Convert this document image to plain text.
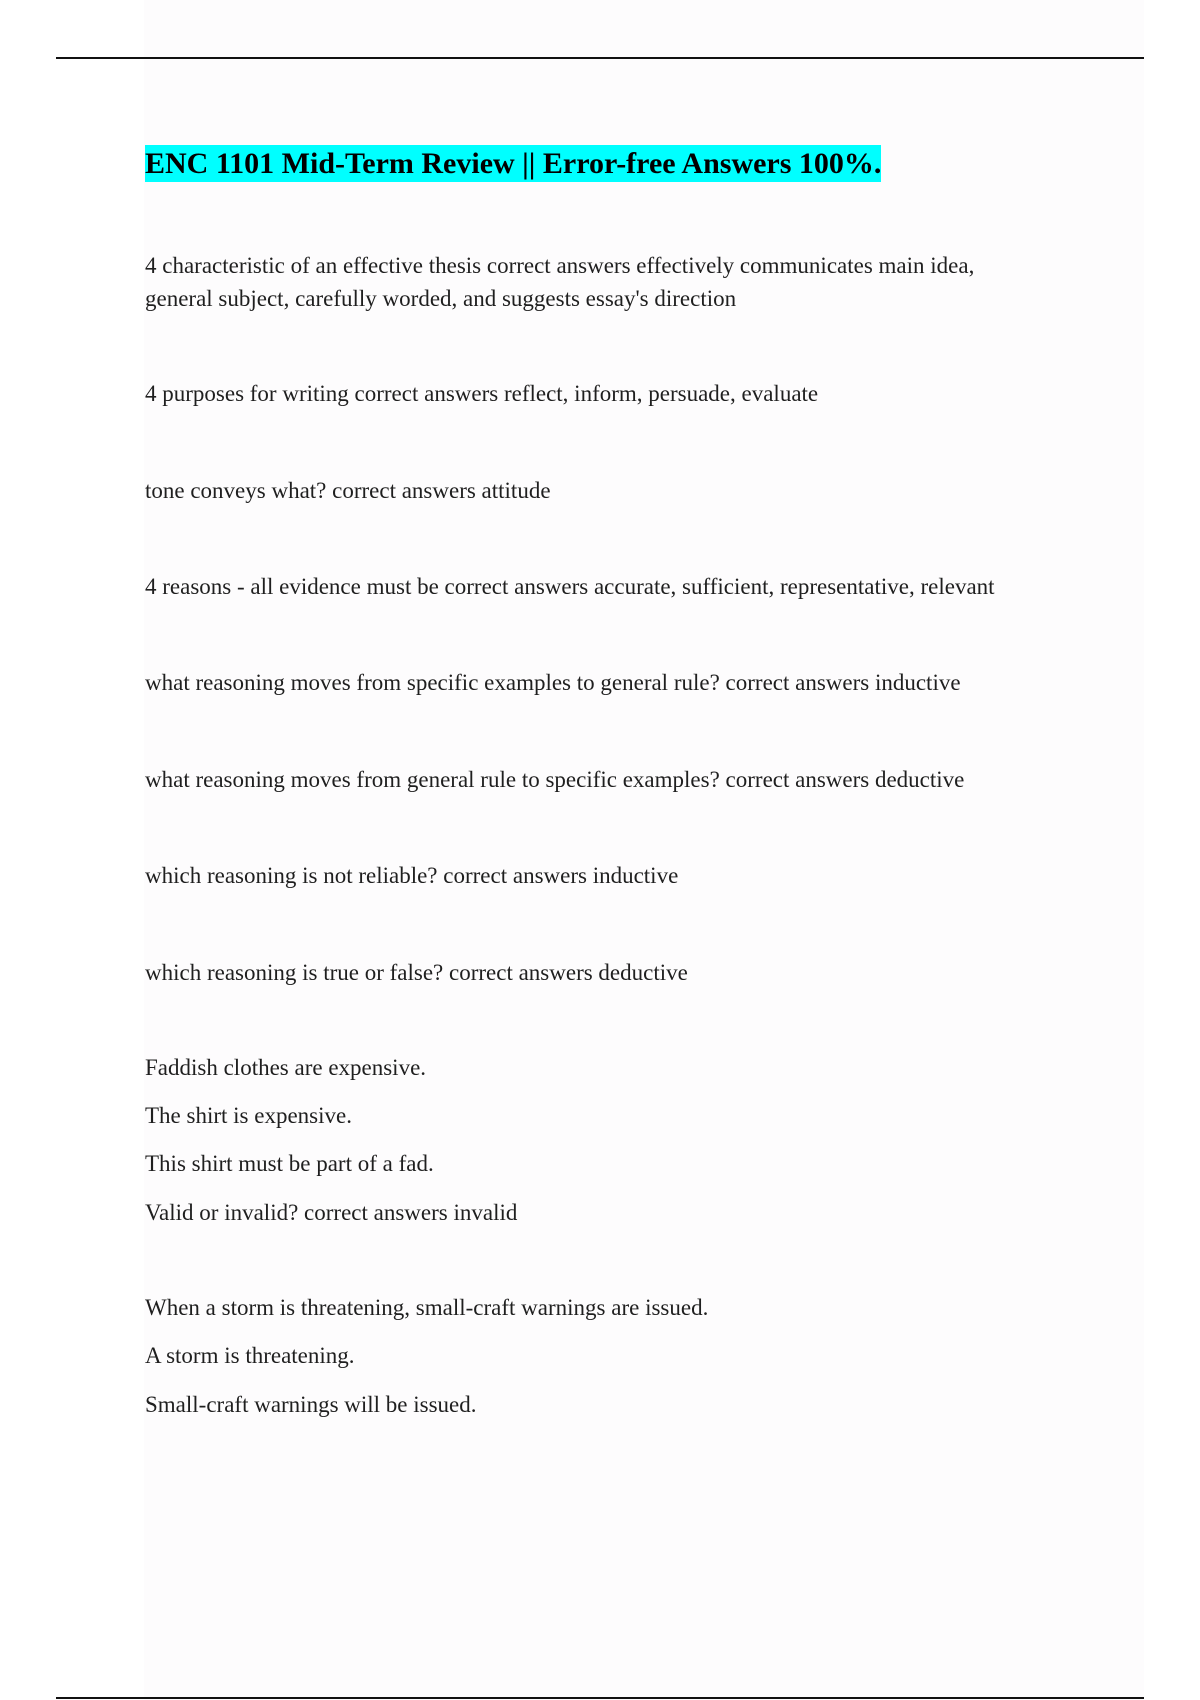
ENC 1101 Mid-Term Review || Error-free Answers 100%.

4 characteristic of an effective thesis correct answers effectively communicates main idea,

general subject, carefully worded, and suggests essay's direction

4 purposes for writing correct answers reflect, inform, persuade, evaluate

tone conveys what? correct answers attitude

4 reasons - all evidence must be correct answers accurate, sufficient, representative, relevant

what reasoning moves from specific examples to general rule? correct answers inductive

what reasoning moves from general rule to specific examples? correct answers deductive

which reasoning is not reliable? correct answers inductive

which reasoning is true or false? correct answers deductive

Faddish clothes are expensive.

The shirt is expensive.

This shirt must be part of a fad.

Valid or invalid? correct answers invalid

When a storm is threatening, small-craft warnings are issued.

A storm is threatening.

Small-craft warnings will be issued.
